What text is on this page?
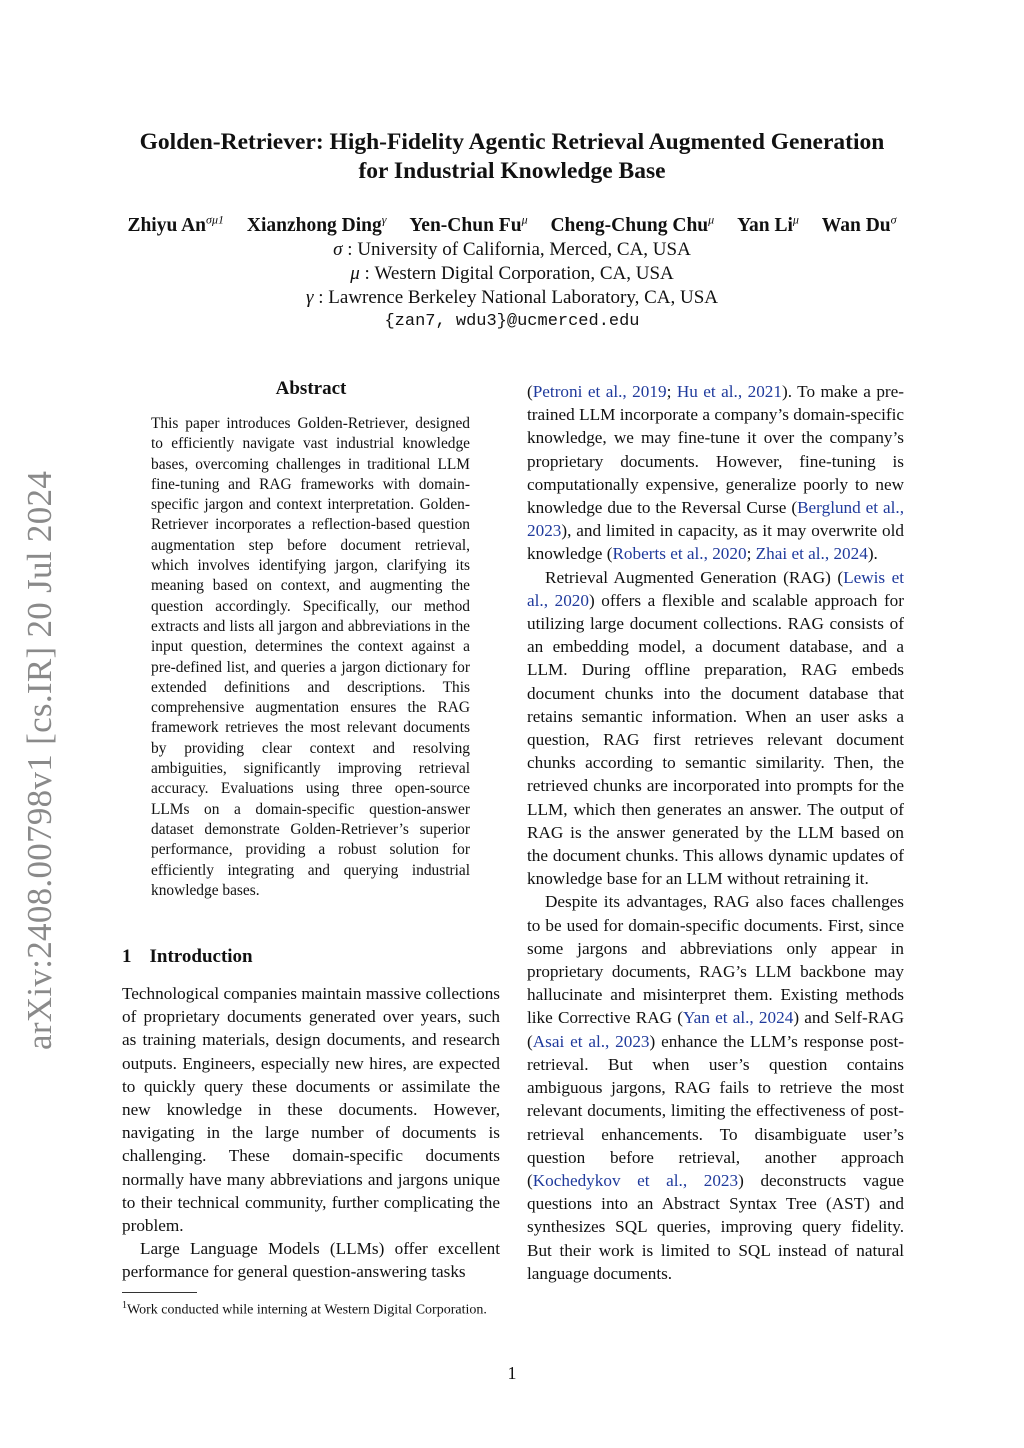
Golden-Retriever: High-Fidelity Agentic Retrieval Augmented Generation
for Industrial Knowledge Base
Zhiyu $An^{\sigma\mu 1}$ Xianzhong Ding$^\gamma$ Yen-Chun $Fu^\mu$ Cheng-Chung Chu$^\mu$ Yan $Li^\mu$ Wan $Du^\sigma$
σ : University of California, Merced, CA, USA
μ : Western Digital Corporation, CA, USA
γ : Lawrence Berkeley National Laboratory, CA, USA
{zan7, wdu3}@ucmerced.edu
arXiv:2408.00798v1 [cs.IR] 20 Jul 2024
Abstract
This paper introduces Golden-Retriever, designed to efficiently navigate vast industrial knowledge bases, overcoming challenges in traditional LLM fine-tuning and RAG frameworks with domain-specific jargon and context interpretation. Golden-Retriever incorporates a reflection-based question augmentation step before document retrieval, which involves identifying jargon, clarifying its meaning based on context, and augmenting the question accordingly. Specifically, our method extracts and lists all jargon and abbreviations in the input question, determines the context against a pre-defined list, and queries a jargon dictionary for extended definitions and descriptions. This comprehensive augmentation ensures the RAG framework retrieves the most relevant documents by providing clear context and resolving ambiguities, significantly improving retrieval accuracy. Evaluations using three open-source LLMs on a domain-specific question-answer dataset demonstrate Golden-Retriever’s superior performance, providing a robust solution for efficiently integrating and querying industrial knowledge bases.
1 Introduction

Technological companies maintain massive collections of proprietary documents generated over years, such as training materials, design documents, and research outputs. Engineers, especially new hires, are expected to quickly query these documents or assimilate the new knowledge in these documents. However, navigating in the large number of documents is challenging. These domain-specific documents normally have many abbreviations and jargons unique to their technical community, further complicating the problem.

Large Language Models (LLMs) offer excellent performance for general question-answering tasks

$^1$Work conducted while interning at Western Digital Corporation.

(Petroni et al., 2019; Hu et al., 2021). To make a pre-trained LLM incorporate a company’s domain-specific knowledge, we may fine-tune it over the company’s proprietary documents. However, fine-tuning is computationally expensive, generalize poorly to new knowledge due to the Reversal Curse (Berglund et al., 2023), and limited in capacity, as it may overwrite old knowledge (Roberts et al., 2020; Zhai et al., 2024).

Retrieval Augmented Generation (RAG) (Lewis et al., 2020) offers a flexible and scalable approach for utilizing large document collections. RAG consists of an embedding model, a document database, and a LLM. During offline preparation, RAG embeds document chunks into the document database that retains semantic information. When an user asks a question, RAG first retrieves relevant document chunks according to semantic similarity. Then, the retrieved chunks are incorporated into prompts for the LLM, which then generates an answer. The output of RAG is the answer generated by the LLM based on the document chunks. This allows dynamic updates of knowledge base for an LLM without retraining it.

Despite its advantages, RAG also faces challenges to be used for domain-specific documents. First, since some jargons and abbreviations only appear in proprietary documents, RAG’s LLM backbone may hallucinate and misinterpret them. Existing methods like Corrective RAG (Yan et al., 2024) and Self-RAG (Asai et al., 2023) enhance the LLM’s response post-retrieval. But when user’s question contains ambiguous jargons, RAG fails to retrieve the most relevant documents, limiting the effectiveness of post-retrieval enhancements. To disambiguate user’s question before retrieval, another approach (Kochedykov et al., 2023) deconstructs vague questions into an Abstract Syntax Tree (AST) and synthesizes SQL queries, improving query fidelity. But their work is limited to SQL instead of natural language documents.

1
